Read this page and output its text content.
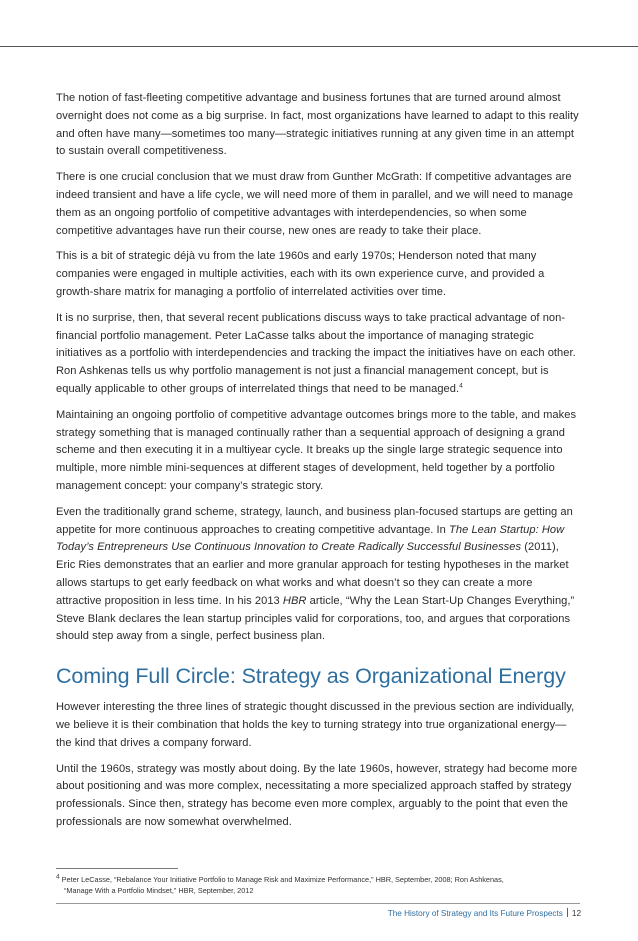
The notion of fast-fleeting competitive advantage and business fortunes that are turned around almost overnight does not come as a big surprise. In fact, most organizations have learned to adapt to this reality and often have many—sometimes too many—strategic initiatives running at any given time in an attempt to sustain overall competitiveness.

There is one crucial conclusion that we must draw from Gunther McGrath: If competitive advantages are indeed transient and have a life cycle, we will need more of them in parallel, and we will need to manage them as an ongoing portfolio of competitive advantages with interdependencies, so when some competitive advantages have run their course, new ones are ready to take their place.

This is a bit of strategic déjà vu from the late 1960s and early 1970s; Henderson noted that many companies were engaged in multiple activities, each with its own experience curve, and provided a growth-share matrix for managing a portfolio of interrelated activities over time.

It is no surprise, then, that several recent publications discuss ways to take practical advantage of non-financial portfolio management. Peter LaCasse talks about the importance of managing strategic initiatives as a portfolio with interdependencies and tracking the impact the initiatives have on each other. Ron Ashkenas tells us why portfolio management is not just a financial management concept, but is equally applicable to other groups of interrelated things that need to be managed.$^4$

Maintaining an ongoing portfolio of competitive advantage outcomes brings more to the table, and makes strategy something that is managed continually rather than a sequential approach of designing a grand scheme and then executing it in a multiyear cycle. It breaks up the single large strategic sequence into multiple, more nimble mini-sequences at different stages of development, held together by a portfolio management concept: your company’s strategic story.

Even the traditionally grand scheme, strategy, launch, and business plan-focused startups are getting an appetite for more continuous approaches to creating competitive advantage. In The Lean Startup: How Today’s Entrepreneurs Use Continuous Innovation to Create Radically Successful Businesses (2011), Eric Ries demonstrates that an earlier and more granular approach for testing hypotheses in the market allows startups to get early feedback on what works and what doesn’t so they can create a more attractive proposition in less time. In his 2013 HBR article, “Why the Lean Start-Up Changes Everything,” Steve Blank declares the lean startup principles valid for corporations, too, and argues that corporations should step away from a single, perfect business plan.

Coming Full Circle: Strategy as Organizational Energy

However interesting the three lines of strategic thought discussed in the previous section are individually, we believe it is their combination that holds the key to turning strategy into true organizational energy—the kind that drives a company forward.

Until the 1960s, strategy was mostly about doing. By the late 1960s, however, strategy had become more about positioning and was more complex, necessitating a more specialized approach staffed by strategy professionals. Since then, strategy has become even more complex, arguably to the point that even the professionals are now somewhat overwhelmed.

$^4$ Peter LeCasse, “Rebalance Your Initiative Portfolio to Manage Risk and Maximize Performance,” HBR, September, 2008; Ron Ashkenas,
“Manage With a Portfolio Mindset,” HBR, September, 2012
The History of Strategy and Its Future Prospects 12
